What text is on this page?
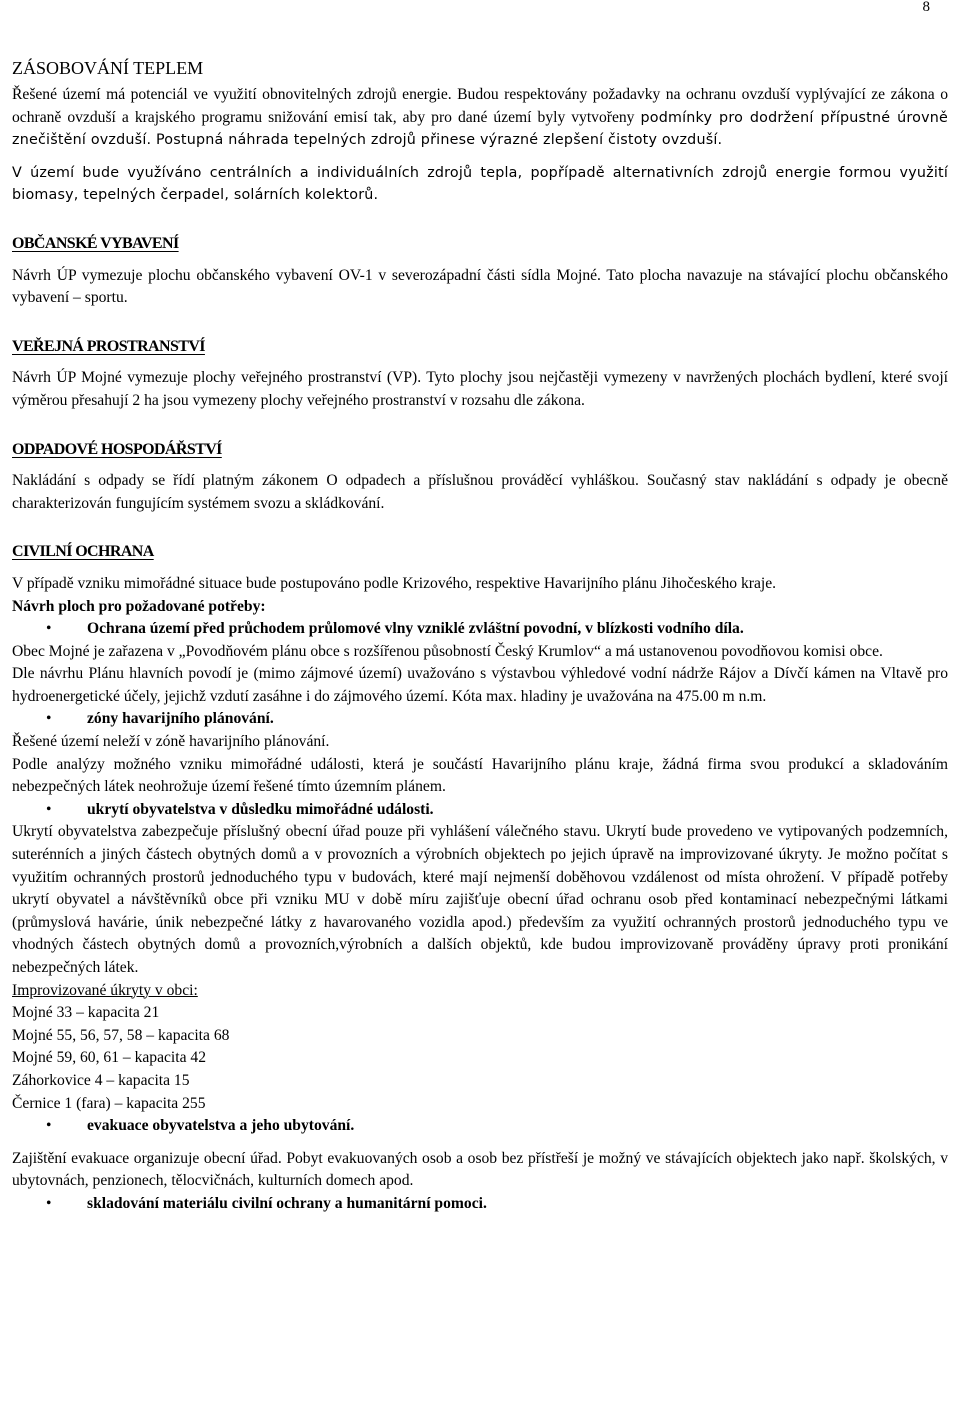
8
ZÁSOBOVÁNÍ TEPLEM

Řešené území má potenciál ve využití obnovitelných zdrojů energie. Budou respektovány požadavky na ochranu ovzduší vyplývající ze zákona o ochraně ovzduší a krajského programu snižování emisí tak, aby pro dané území byly vytvořeny podmínky pro dodržení přípustné úrovně znečištění ovzduší. Postupná náhrada tepelných zdrojů přinese výrazné zlepšení čistoty ovzduší.

V území bude využíváno centrálních a individuálních zdrojů tepla, popřípadě alternativních zdrojů energie formou využití biomasy, tepelných čerpadel, solárních kolektorů.

OBČANSKÉ VYBAVENÍ

Návrh ÚP vymezuje plochu občanského vybavení OV-1 v severozápadní části sídla Mojné. Tato plocha navazuje na stávající plochu občanského vybavení – sportu.

VEŘEJNÁ PROSTRANSTVÍ

Návrh ÚP Mojné vymezuje plochy veřejného prostranství (VP). Tyto plochy jsou nejčastěji vymezeny v navržených plochách bydlení, které svojí výměrou přesahují 2 ha jsou vymezeny plochy veřejného prostranství v rozsahu dle zákona.

ODPADOVÉ HOSPODÁŘSTVÍ

Nakládání s odpady se řídí platným zákonem O odpadech a příslušnou prováděcí vyhláškou. Současný stav nakládání s odpady je obecně charakterizován fungujícím systémem svozu a skládkování.

CIVILNÍ OCHRANA

V případě vzniku mimořádné situace bude postupováno podle Krizového, respektive Havarijního plánu Jihočeského kraje.

Návrh ploch pro požadované potřeby:

• Ochrana území před průchodem průlomové vlny vzniklé zvláštní povodní, v blízkosti vodního díla.

Obec Mojné je zařazena v „Povodňovém plánu obce s rozšířenou působností Český Krumlov“ a má ustanovenou povodňovou komisi obce.

Dle návrhu Plánu hlavních povodí je (mimo zájmové území) uvažováno s výstavbou výhledové vodní nádrže Rájov a Dívčí kámen na Vltavě pro hydroenergetické účely, jejichž vzdutí zasáhne i do zájmového území. Kóta max. hladiny je uvažována na 475.00 m n.m.

• zóny havarijního plánování.

Řešené území neleží v zóně havarijního plánování.

Podle analýzy možného vzniku mimořádné události, která je součástí Havarijního plánu kraje, žádná firma svou produkcí a skladováním nebezpečných látek neohrožuje území řešené tímto územním plánem.

• ukrytí obyvatelstva v důsledku mimořádné události.

Ukrytí obyvatelstva zabezpečuje příslušný obecní úřad pouze při vyhlášení válečného stavu. Ukrytí bude provedeno ve vytipovaných podzemních, suterénních a jiných částech obytných domů a v provozních a výrobních objektech po jejich úpravě na improvizované úkryty. Je možno počítat s využitím ochranných prostorů jednoduchého typu v budovách, které mají nejmenší doběhovou vzdálenost od místa ohrožení. V případě potřeby ukrytí obyvatel a návštěvníků obce při vzniku MU v době míru zajišťuje obecní úřad ochranu osob před kontaminací nebezpečnými látkami (průmyslová havárie, únik nebezpečné látky z havarovaného vozidla apod.) především za využití ochranných prostorů jednoduchého typu ve vhodných částech obytných domů a provozních,výrobních a dalších objektů, kde budou improvizovaně prováděny úpravy proti pronikání nebezpečných látek.

Improvizované úkryty v obci:

Mojné 33 – kapacita 21

Mojné 55, 56, 57, 58 – kapacita 68

Mojné 59, 60, 61 – kapacita 42

Záhorkovice 4 – kapacita 15

Černice 1 (fara) – kapacita 255

• evakuace obyvatelstva a jeho ubytování.

Zajištění evakuace organizuje obecní úřad. Pobyt evakuovaných osob a osob bez přístřeší je možný ve stávajících objektech jako např. školských, v ubytovnách, penzionech, tělocvičnách, kulturních domech apod.

• skladování materiálu civilní ochrany a humanitární pomoci.
